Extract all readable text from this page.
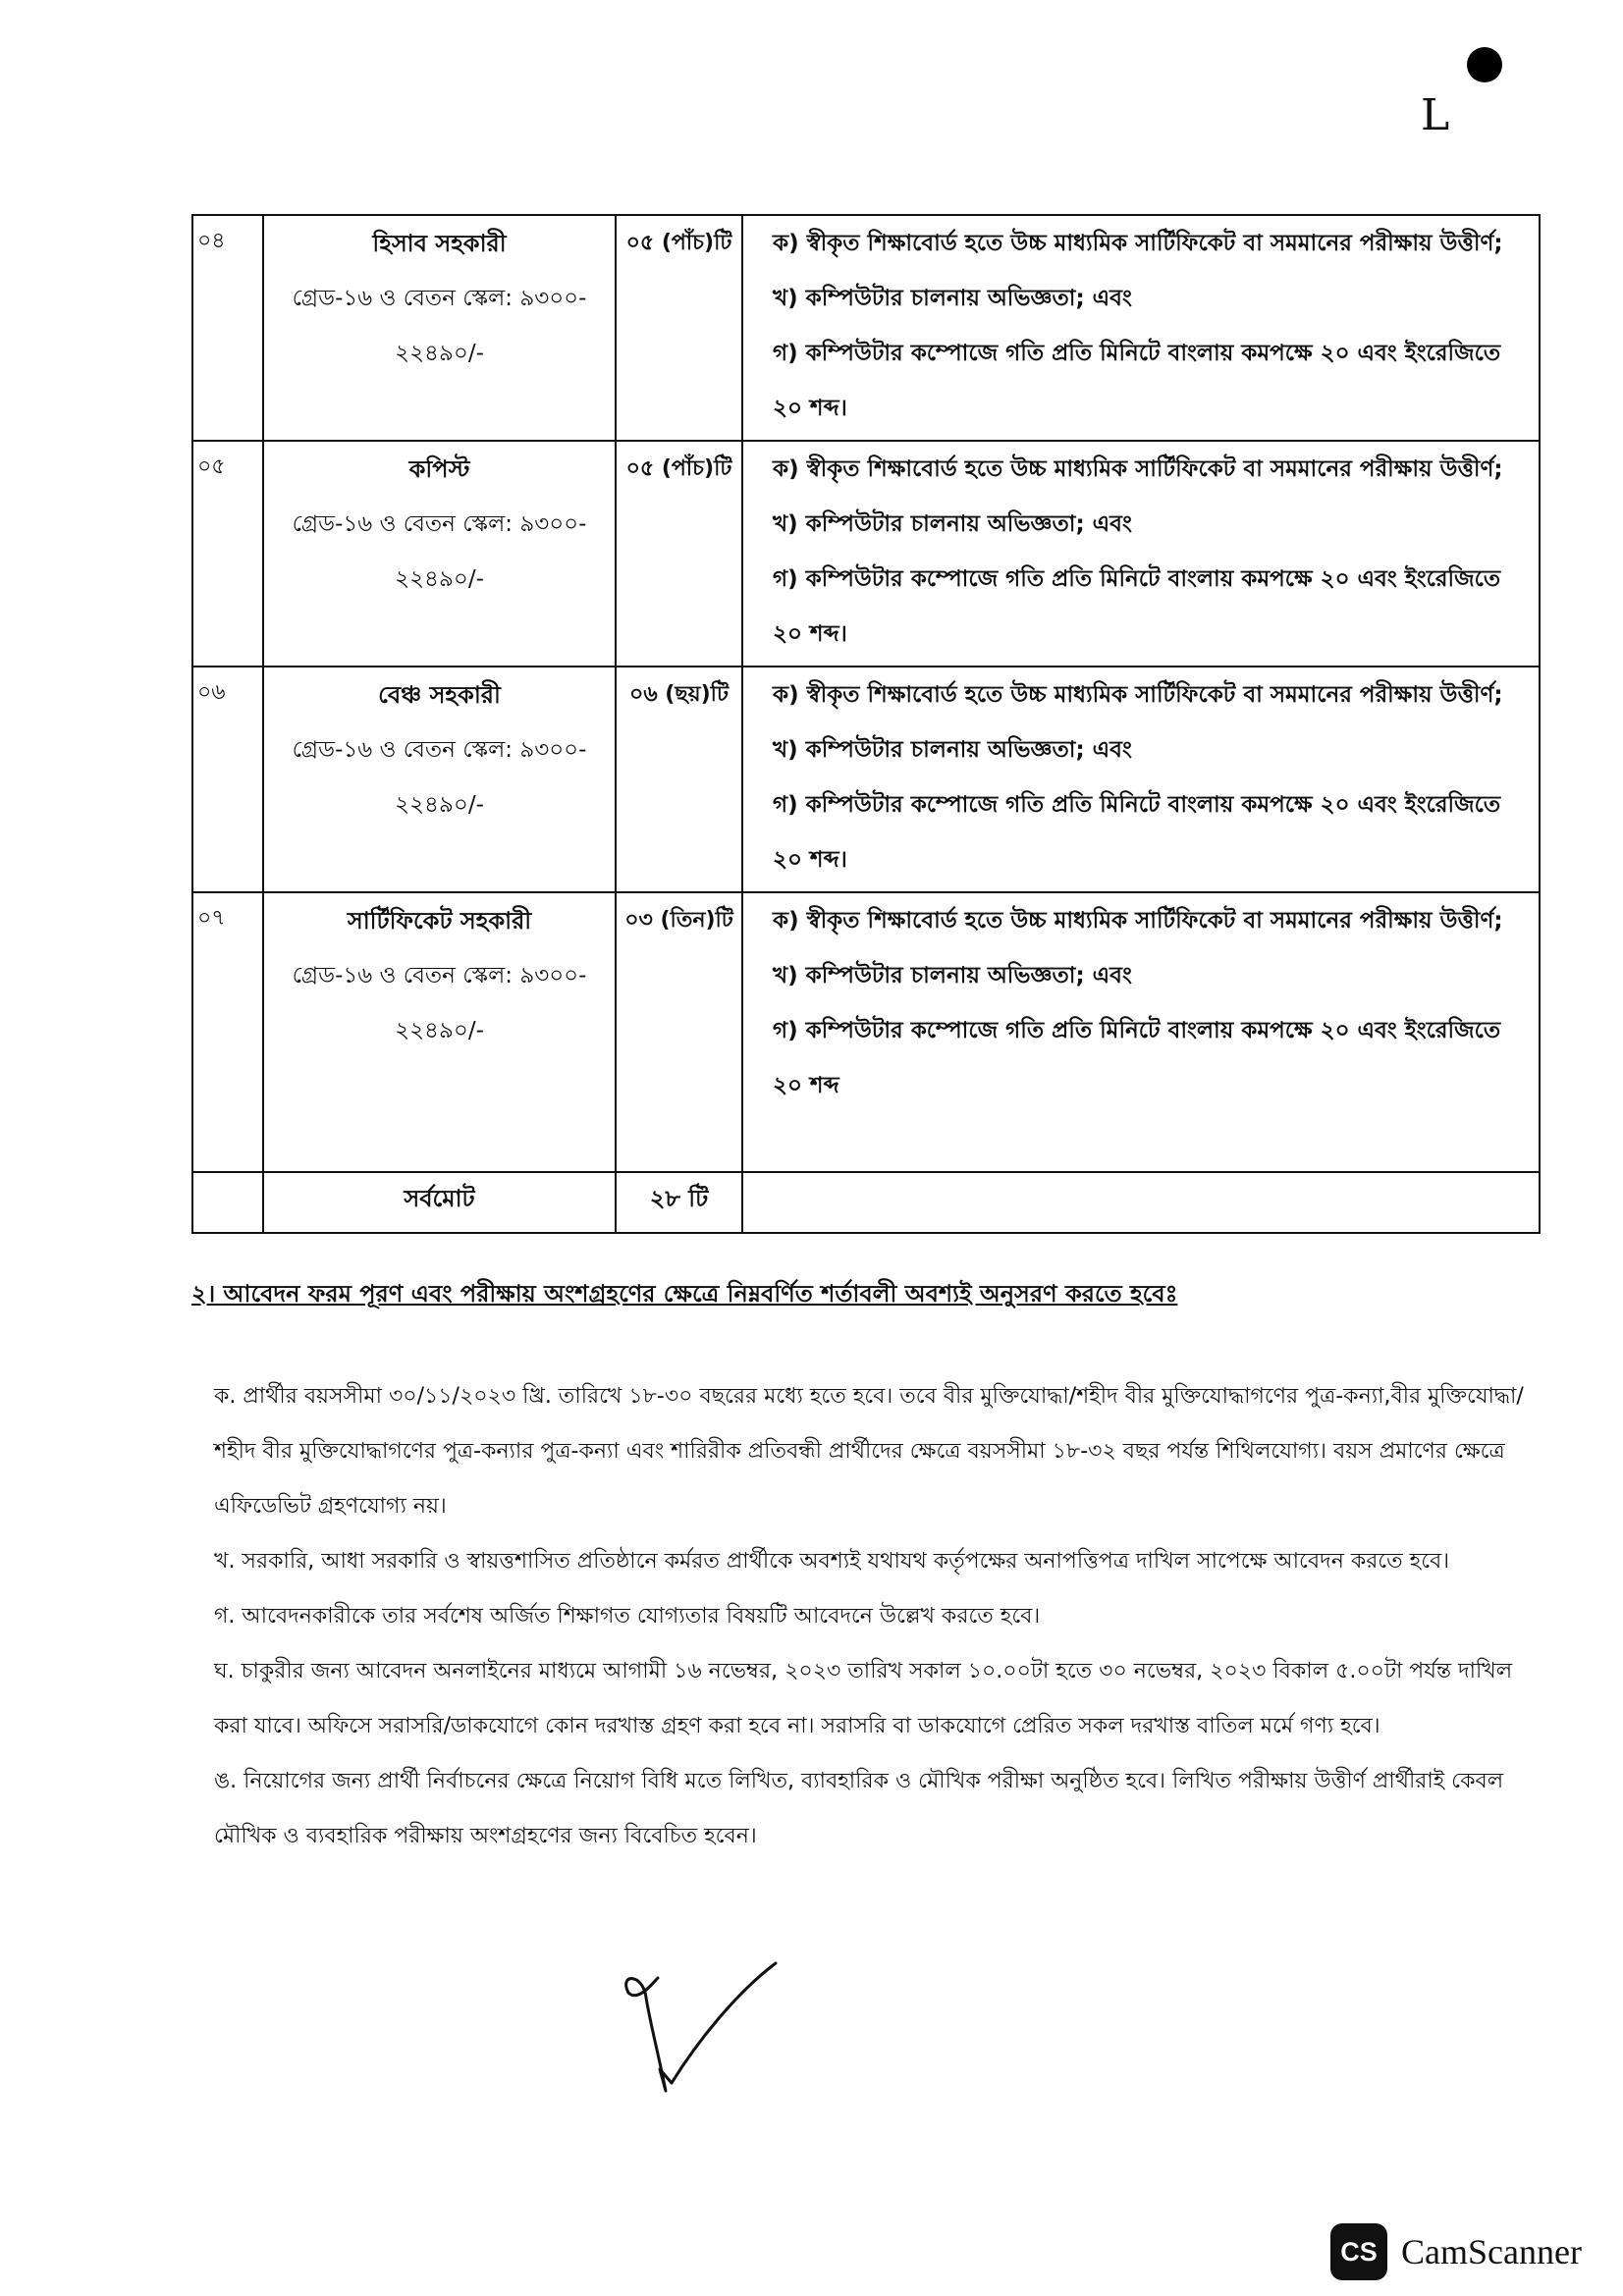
L
০৪	হিসাব সহকারী
গ্রেড-১৬ ও বেতন স্কেল: ৯৩০০-
২২৪৯০/-	০৫ (পাঁচ)টি	ক) স্বীকৃত শিক্ষাবোর্ড হতে উচ্চ মাধ্যমিক সার্টিফিকেট বা সমমানের পরীক্ষায় উত্তীর্ণ;
খ) কম্পিউটার চালনায় অভিজ্ঞতা; এবং
গ) কম্পিউটার কম্পোজে গতি প্রতি মিনিটে বাংলায় কমপক্ষে ২০ এবং ইংরেজিতে
২০ শব্দ।

০৫	কপিস্ট
গ্রেড-১৬ ও বেতন স্কেল: ৯৩০০-
২২৪৯০/-	০৫ (পাঁচ)টি	ক) স্বীকৃত শিক্ষাবোর্ড হতে উচ্চ মাধ্যমিক সার্টিফিকেট বা সমমানের পরীক্ষায় উত্তীর্ণ;
খ) কম্পিউটার চালনায় অভিজ্ঞতা; এবং
গ) কম্পিউটার কম্পোজে গতি প্রতি মিনিটে বাংলায় কমপক্ষে ২০ এবং ইংরেজিতে
২০ শব্দ।

০৬	বেঞ্চ সহকারী
গ্রেড-১৬ ও বেতন স্কেল: ৯৩০০-
২২৪৯০/-	০৬ (ছয়)টি	ক) স্বীকৃত শিক্ষাবোর্ড হতে উচ্চ মাধ্যমিক সার্টিফিকেট বা সমমানের পরীক্ষায় উত্তীর্ণ;
খ) কম্পিউটার চালনায় অভিজ্ঞতা; এবং
গ) কম্পিউটার কম্পোজে গতি প্রতি মিনিটে বাংলায় কমপক্ষে ২০ এবং ইংরেজিতে
২০ শব্দ।

০৭	সার্টিফিকেট সহকারী
গ্রেড-১৬ ও বেতন স্কেল: ৯৩০০-
২২৪৯০/-	০৩ (তিন)টি	ক) স্বীকৃত শিক্ষাবোর্ড হতে উচ্চ মাধ্যমিক সার্টিফিকেট বা সমমানের পরীক্ষায় উত্তীর্ণ;
খ) কম্পিউটার চালনায় অভিজ্ঞতা; এবং
গ) কম্পিউটার কম্পোজে গতি প্রতি মিনিটে বাংলায় কমপক্ষে ২০ এবং ইংরেজিতে
২০ শব্দ

	সর্বমোট	২৮ টি	

২। আবেদন ফরম পূরণ এবং পরীক্ষায় অংশগ্রহণের ক্ষেত্রে নিম্নবর্ণিত শর্তাবলী অবশ্যই অনুসরণ করতে হবেঃ

ক. প্রার্থীর বয়সসীমা ৩০/১১/২০২৩ খ্রি. তারিখে ১৮-৩০ বছরের মধ্যে হতে হবে। তবে বীর মুক্তিযোদ্ধা/শহীদ বীর মুক্তিযোদ্ধাগণের পুত্র-কন্যা,বীর মুক্তিযোদ্ধা/শহীদ বীর মুক্তিযোদ্ধাগণের পুত্র-কন্যার পুত্র-কন্যা এবং শারিরীক প্রতিবন্ধী প্রার্থীদের ক্ষেত্রে বয়সসীমা ১৮-৩২ বছর পর্যন্ত শিথিলযোগ্য। বয়স প্রমাণের ক্ষেত্রে এফিডেভিট গ্রহণযোগ্য নয়।

খ. সরকারি, আধা সরকারি ও স্বায়ত্তশাসিত প্রতিষ্ঠানে কর্মরত প্রার্থীকে অবশ্যই যথাযথ কর্তৃপক্ষের অনাপত্তিপত্র দাখিল সাপেক্ষে আবেদন করতে হবে।

গ. আবেদনকারীকে তার সর্বশেষ অর্জিত শিক্ষাগত যোগ্যতার বিষয়টি আবেদনে উল্লেখ করতে হবে।

ঘ. চাকুরীর জন্য আবেদন অনলাইনের মাধ্যমে আগামী ১৬ নভেম্বর, ২০২৩ তারিখ সকাল ১০.০০টা হতে ৩০ নভেম্বর, ২০২৩ বিকাল ৫.০০টা পর্যন্ত দাখিল করা যাবে। অফিসে সরাসরি/ডাকযোগে কোন দরখাস্ত গ্রহণ করা হবে না। সরাসরি বা ডাকযোগে প্রেরিত সকল দরখাস্ত বাতিল মর্মে গণ্য হবে।

ঙ. নিয়োগের জন্য প্রার্থী নির্বাচনের ক্ষেত্রে নিয়োগ বিধি মতে লিখিত, ব্যাবহারিক ও মৌখিক পরীক্ষা অনুষ্ঠিত হবে। লিখিত পরীক্ষায় উত্তীর্ণ প্রার্থীরাই কেবল মৌখিক ও ব্যবহারিক পরীক্ষায় অংশগ্রহণের জন্য বিবেচিত হবেন।

CS CamScanner
